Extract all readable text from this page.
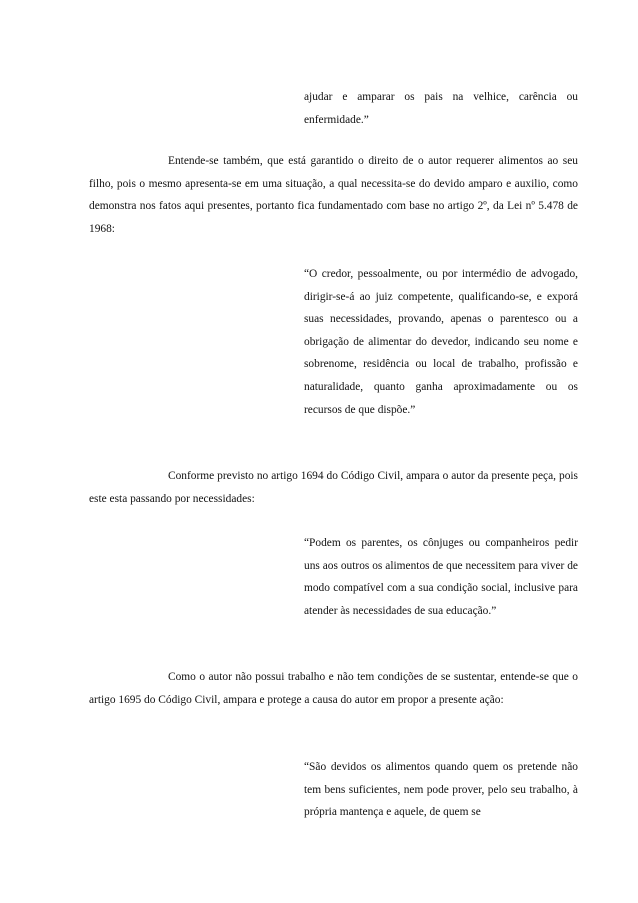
ajudar e amparar os pais na velhice, carência ou enfermidade.”

Entende-se também, que está garantido o direito de o autor requerer alimentos ao seu filho, pois o mesmo apresenta-se em uma situação, a qual necessita-se do devido amparo e auxilio, como demonstra nos fatos aqui presentes, portanto fica fundamentado com base no artigo 2º, da Lei nº 5.478 de 1968:

“O credor, pessoalmente, ou por intermédio de advogado, dirigir-se-á ao juiz competente, qualificando-se, e exporá suas necessidades, provando, apenas o parentesco ou a obrigação de alimentar do devedor, indicando seu nome e sobrenome, residência ou local de trabalho, profissão e naturalidade, quanto ganha aproximadamente ou os recursos de que dispõe.”

Conforme previsto no artigo 1694 do Código Civil, ampara o autor da presente peça, pois este esta passando por necessidades:

“Podem os parentes, os cônjuges ou companheiros pedir uns aos outros os alimentos de que necessitem para viver de modo compatível com a sua condição social, inclusive para atender às necessidades de sua educação.”

Como o autor não possui trabalho e não tem condições de se sustentar, entende-se que o artigo 1695 do Código Civil, ampara e protege a causa do autor em propor a presente ação:

“São devidos os alimentos quando quem os pretende não tem bens suficientes, nem pode prover, pelo seu trabalho, à própria mantença e aquele, de quem se
